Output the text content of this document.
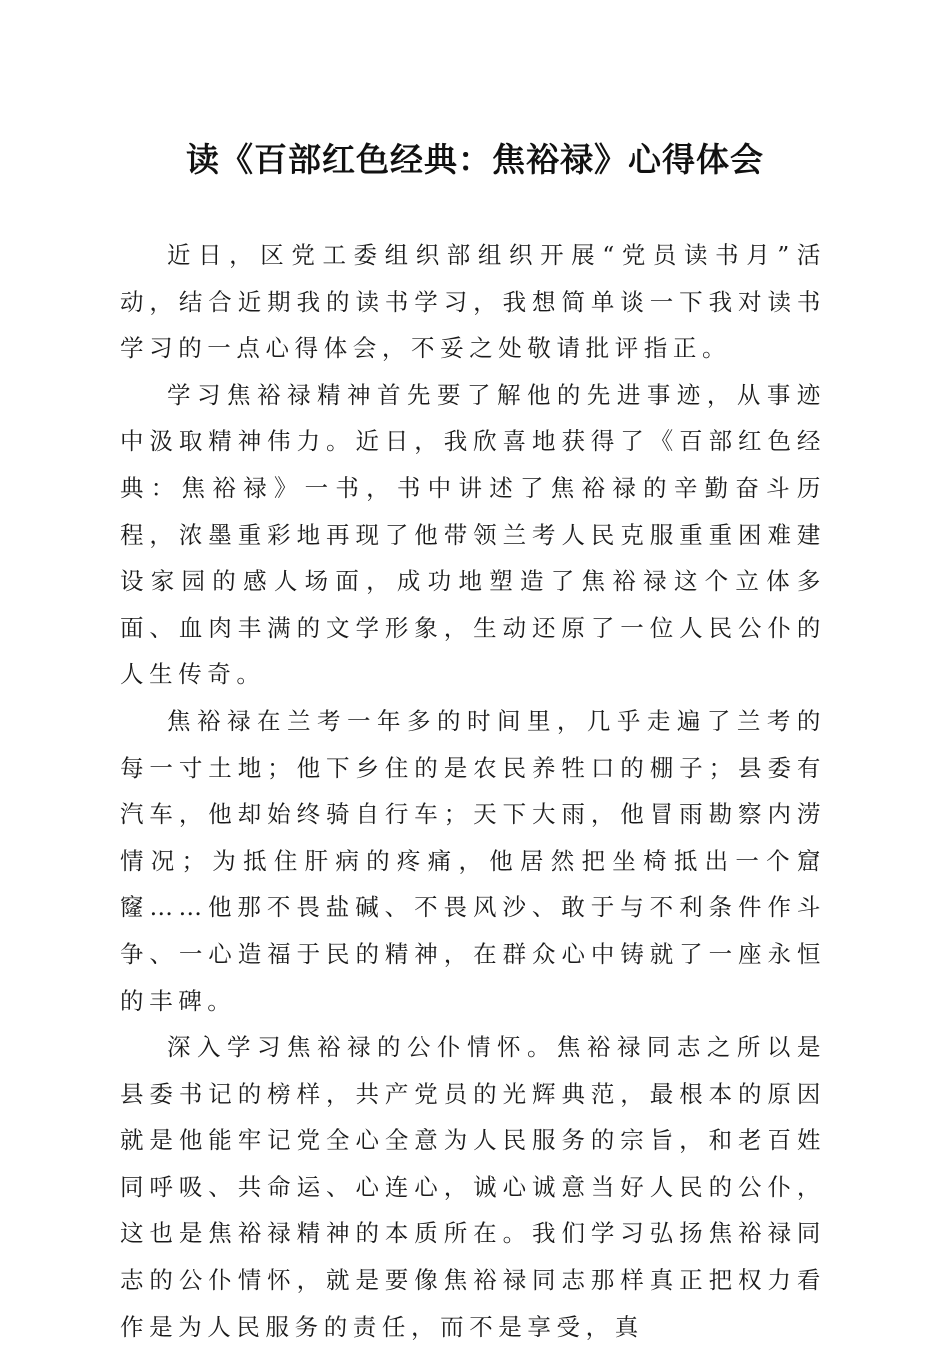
读《百部红色经典：焦裕禄》心得体会

近日，区党工委组织部组织开展“党员读书月”活动，结合近期我的读书学习，我想简单谈一下我对读书学习的一点心得体会，不妥之处敬请批评指正。

学习焦裕禄精神首先要了解他的先进事迹，从事迹中汲取精神伟力。近日，我欣喜地获得了《百部红色经典：焦裕禄》一书，书中讲述了焦裕禄的辛勤奋斗历程，浓墨重彩地再现了他带领兰考人民克服重重困难建设家园的感人场面，成功地塑造了焦裕禄这个立体多面、血肉丰满的文学形象，生动还原了一位人民公仆的人生传奇。

焦裕禄在兰考一年多的时间里，几乎走遍了兰考的每一寸土地；他下乡住的是农民养牲口的棚子；县委有汽车，他却始终骑自行车；天下大雨，他冒雨勘察内涝情况；为抵住肝病的疼痛，他居然把坐椅抵出一个窟窿……他那不畏盐碱、不畏风沙、敢于与不利条件作斗争、一心造福于民的精神，在群众心中铸就了一座永恒的丰碑。

深入学习焦裕禄的公仆情怀。焦裕禄同志之所以是县委书记的榜样，共产党员的光辉典范，最根本的原因就是他能牢记党全心全意为人民服务的宗旨，和老百姓同呼吸、共命运、心连心，诚心诚意当好人民的公仆，这也是焦裕禄精神的本质所在。我们学习弘扬焦裕禄同志的公仆情怀，就是要像焦裕禄同志那样真正把权力看作是为人民服务的责任，而不是享受，真
